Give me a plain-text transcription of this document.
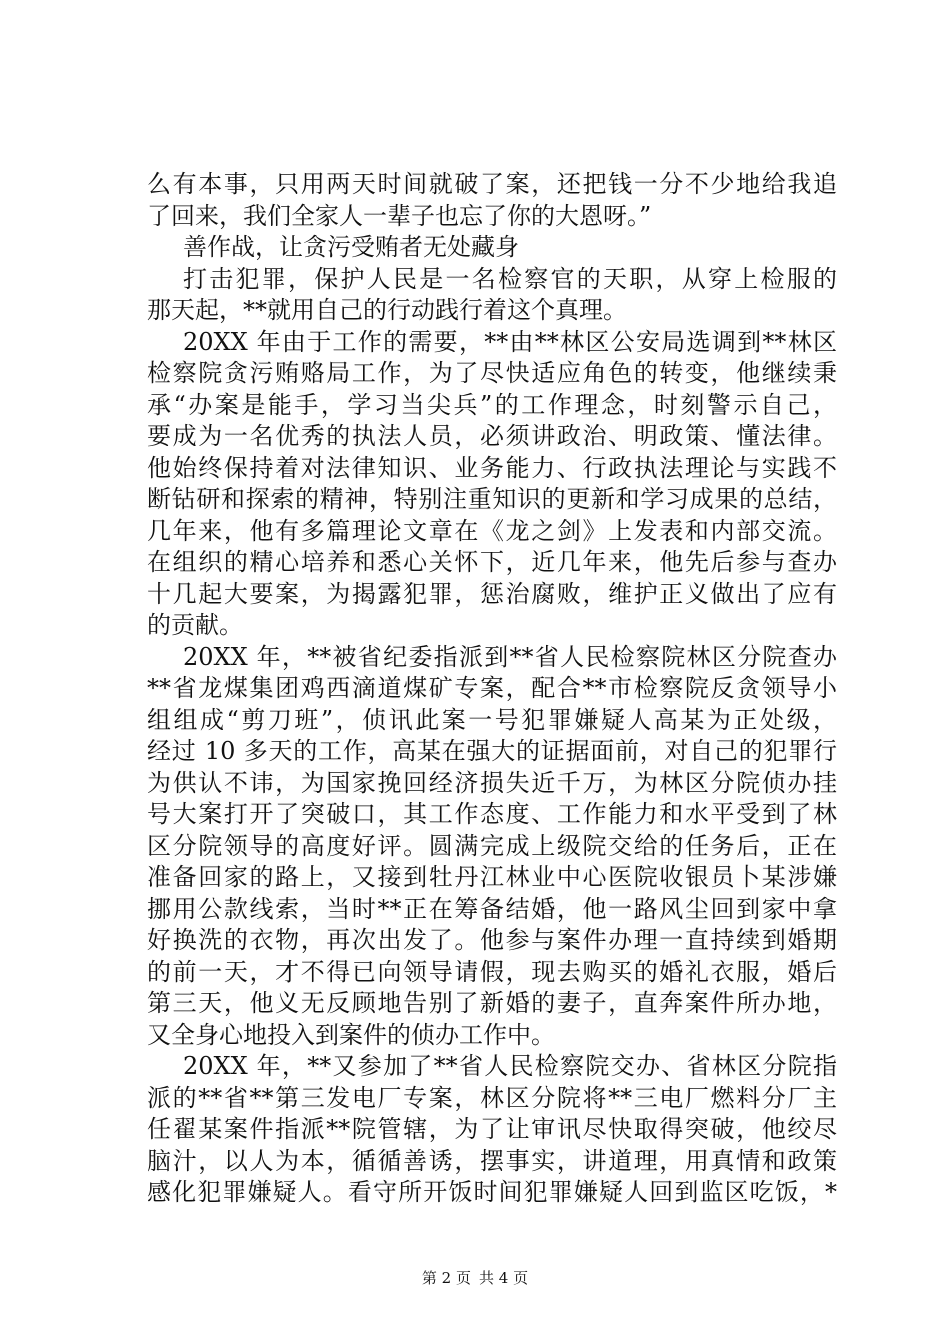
么有本事，只用两天时间就破了案，还把钱一分不少地给我追
了回来，我们全家人一辈子也忘了你的大恩呀。”
善作战，让贪污受贿者无处藏身
打击犯罪，保护人民是一名检察官的天职，从穿上检服的
那天起，**就用自己的行动践行着这个真理。
20XX 年由于工作的需要，**由**林区公安局选调到**林区
检察院贪污贿赂局工作，为了尽快适应角色的转变，他继续秉
承“办案是能手，学习当尖兵”的工作理念，时刻警示自己，
要成为一名优秀的执法人员，必须讲政治、明政策、懂法律。
他始终保持着对法律知识、业务能力、行政执法理论与实践不
断钻研和探索的精神，特别注重知识的更新和学习成果的总结，
几年来，他有多篇理论文章在《龙之剑》上发表和内部交流。
在组织的精心培养和悉心关怀下，近几年来，他先后参与查办
十几起大要案，为揭露犯罪，惩治腐败，维护正义做出了应有
的贡献。
20XX 年，**被省纪委指派到**省人民检察院林区分院查办
**省龙煤集团鸡西滴道煤矿专案，配合**市检察院反贪领导小
组组成“剪刀班”，侦讯此案一号犯罪嫌疑人高某为正处级，
经过 10 多天的工作，高某在强大的证据面前，对自己的犯罪行
为供认不讳，为国家挽回经济损失近千万，为林区分院侦办挂
号大案打开了突破口，其工作态度、工作能力和水平受到了林
区分院领导的高度好评。圆满完成上级院交给的任务后，正在
准备回家的路上，又接到牡丹江林业中心医院收银员卜某涉嫌
挪用公款线索，当时**正在筹备结婚，他一路风尘回到家中拿
好换洗的衣物，再次出发了。他参与案件办理一直持续到婚期
的前一天，才不得已向领导请假，现去购买的婚礼衣服，婚后
第三天，他义无反顾地告别了新婚的妻子，直奔案件所办地，
又全身心地投入到案件的侦办工作中。
20XX 年，**又参加了**省人民检察院交办、省林区分院指
派的**省**第三发电厂专案，林区分院将**三电厂燃料分厂主
任翟某案件指派**院管辖，为了让审讯尽快取得突破，他绞尽
脑汁，以人为本，循循善诱，摆事实，讲道理，用真情和政策
感化犯罪嫌疑人。看守所开饭时间犯罪嫌疑人回到监区吃饭，*
第 2 页 共 4 页
